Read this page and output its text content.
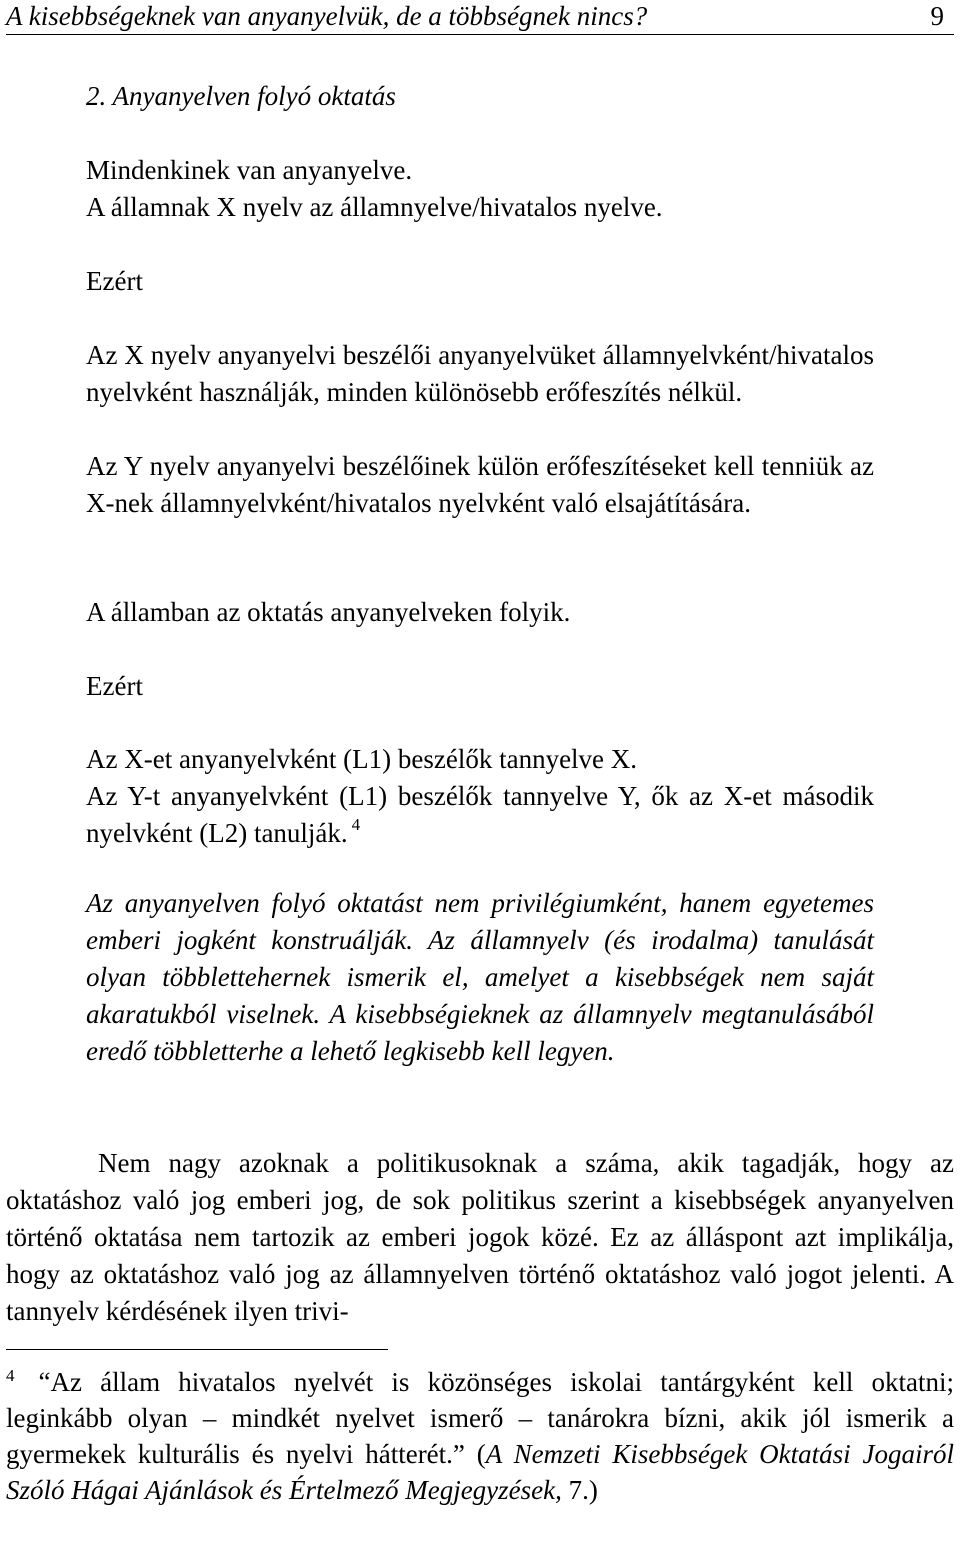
A kisebbségeknek van anyanyelvük, de a többségnek nincs?	9
2. Anyanyelven folyó oktatás
Mindenkinek van anyanyelve.
A államnak X nyelv az államnyelve/hivatalos nyelve.
Ezért
Az X nyelv anyanyelvi beszélői anyanyelvüket államnyelvként/hivatalos nyelvként használják, minden különösebb erőfeszítés nélkül.
Az Y nyelv anyanyelvi beszélőinek külön erőfeszítéseket kell tenniük az X-nek államnyelvként/hivatalos nyelvként való elsajátítására.
A államban az oktatás anyanyelveken folyik.
Ezért
Az X-et anyanyelvként (L1) beszélők tannyelve X.
Az Y-t anyanyelvként (L1) beszélők tannyelve Y, ők az X-et második nyelvként (L2) tanulják. $^4$
Az anyanyelven folyó oktatást nem privilégiumként, hanem egyetemes emberi jogként konstruálják. Az államnyelv (és irodalma) tanulását olyan többlettehernek ismerik el, amelyet a kisebbségek nem saját akaratukból viselnek. A kisebbségieknek az államnyelv megtanulásából eredő többletterhe a lehető legkisebb kell legyen.
Nem nagy azoknak a politikusoknak a száma, akik tagadják, hogy az oktatáshoz való jog emberi jog, de sok politikus szerint a kisebbségek anyanyelven történő oktatása nem tartozik az emberi jogok közé. Ez az álláspont azt implikálja, hogy az oktatáshoz való jog az államnyelven történő oktatáshoz való jogot jelenti. A tannyelv kérdésének ilyen trivi-
$^4$ “Az állam hivatalos nyelvét is közönséges iskolai tantárgyként kell oktatni; leginkább olyan – mindkét nyelvet ismerő – tanárokra bízni, akik jól ismerik a gyermekek kulturális és nyelvi hátterét.” (A Nemzeti Kisebbségek Oktatási Jogairól Szóló Hágai Ajánlások és Értelmező Megjegyzések, 7.)
